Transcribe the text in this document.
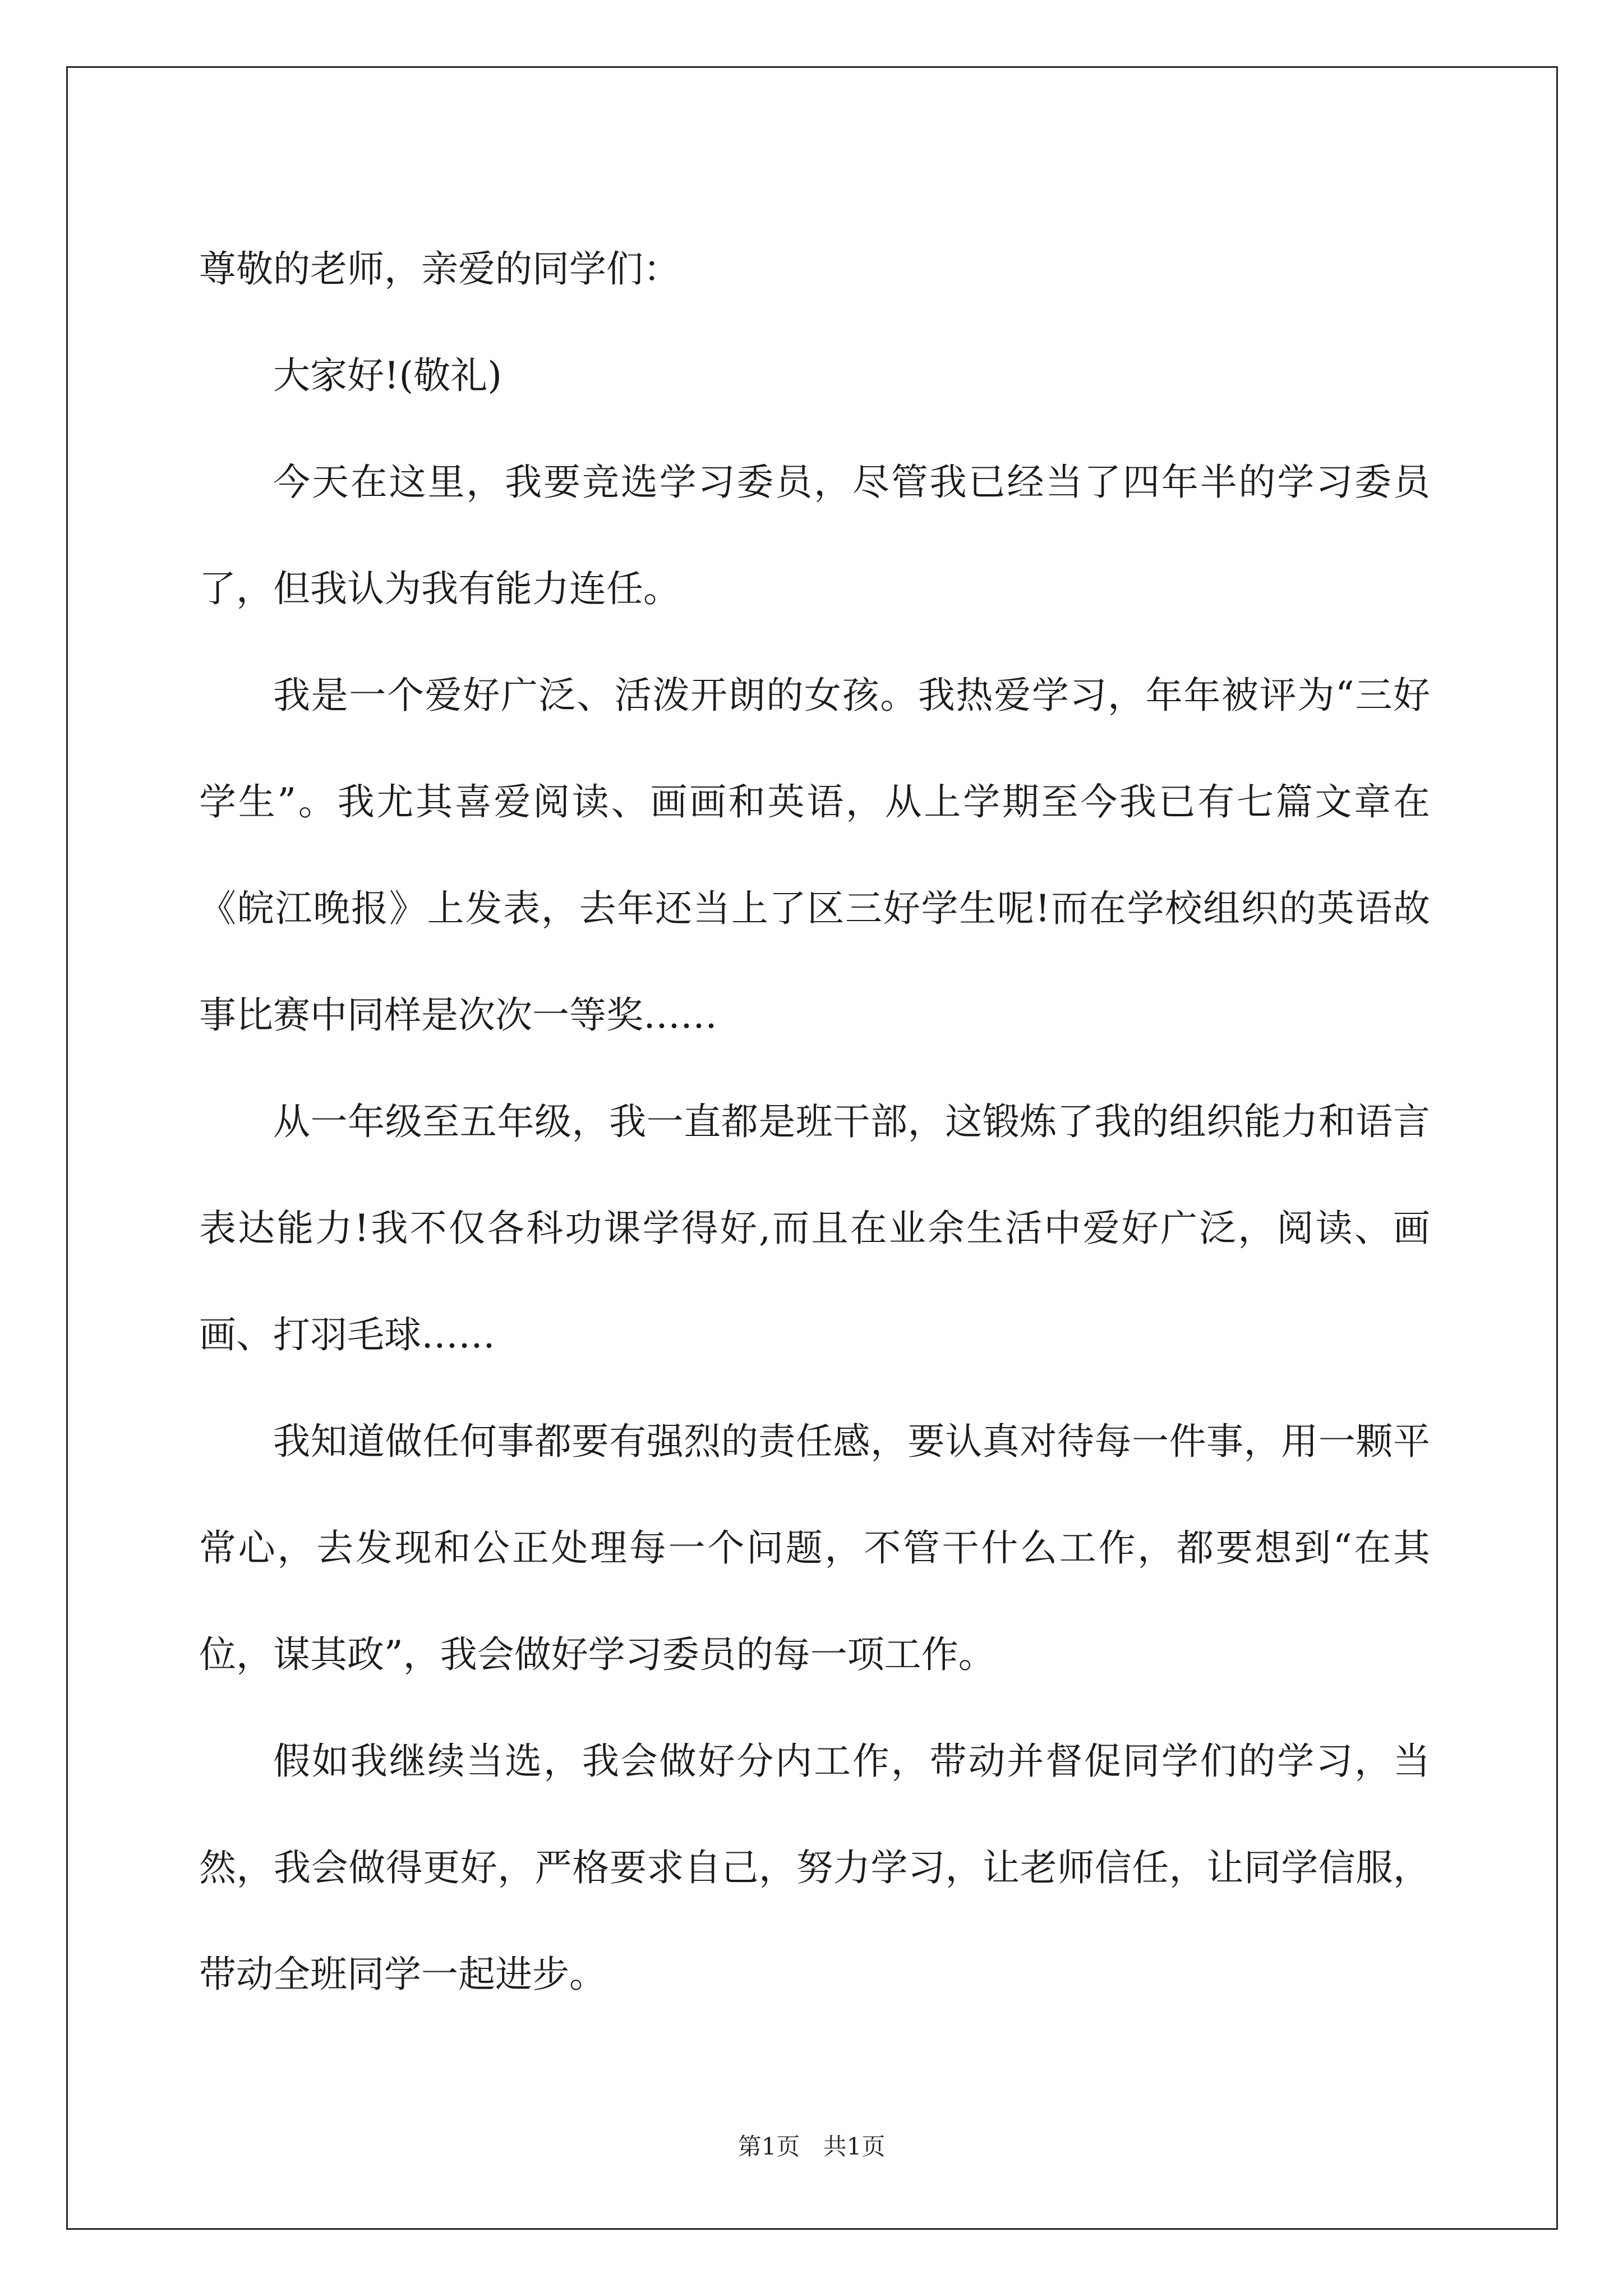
尊敬的老师，亲爱的同学们：

大家好!(敬礼)

今天在这里，我要竞选学习委员，尽管我已经当了四年半的学习委员了，但我认为我有能力连任。

我是一个爱好广泛、活泼开朗的女孩。我热爱学习，年年被评为“三好学生”。我尤其喜爱阅读、画画和英语，从上学期至今我已有七篇文章在《皖江晚报》上发表，去年还当上了区三好学生呢!而在学校组织的英语故事比赛中同样是次次一等奖……

从一年级至五年级，我一直都是班干部，这锻炼了我的组织能力和语言表达能力!我不仅各科功课学得好,而且在业余生活中爱好广泛，阅读、画画、打羽毛球……

我知道做任何事都要有强烈的责任感，要认真对待每一件事，用一颗平常心，去发现和公正处理每一个问题，不管干什么工作，都要想到“在其位，谋其政”，我会做好学习委员的每一项工作。

假如我继续当选，我会做好分内工作，带动并督促同学们的学习，当然，我会做得更好，严格要求自己，努力学习，让老师信任，让同学信服，带动全班同学一起进步。

第1页 共1页
